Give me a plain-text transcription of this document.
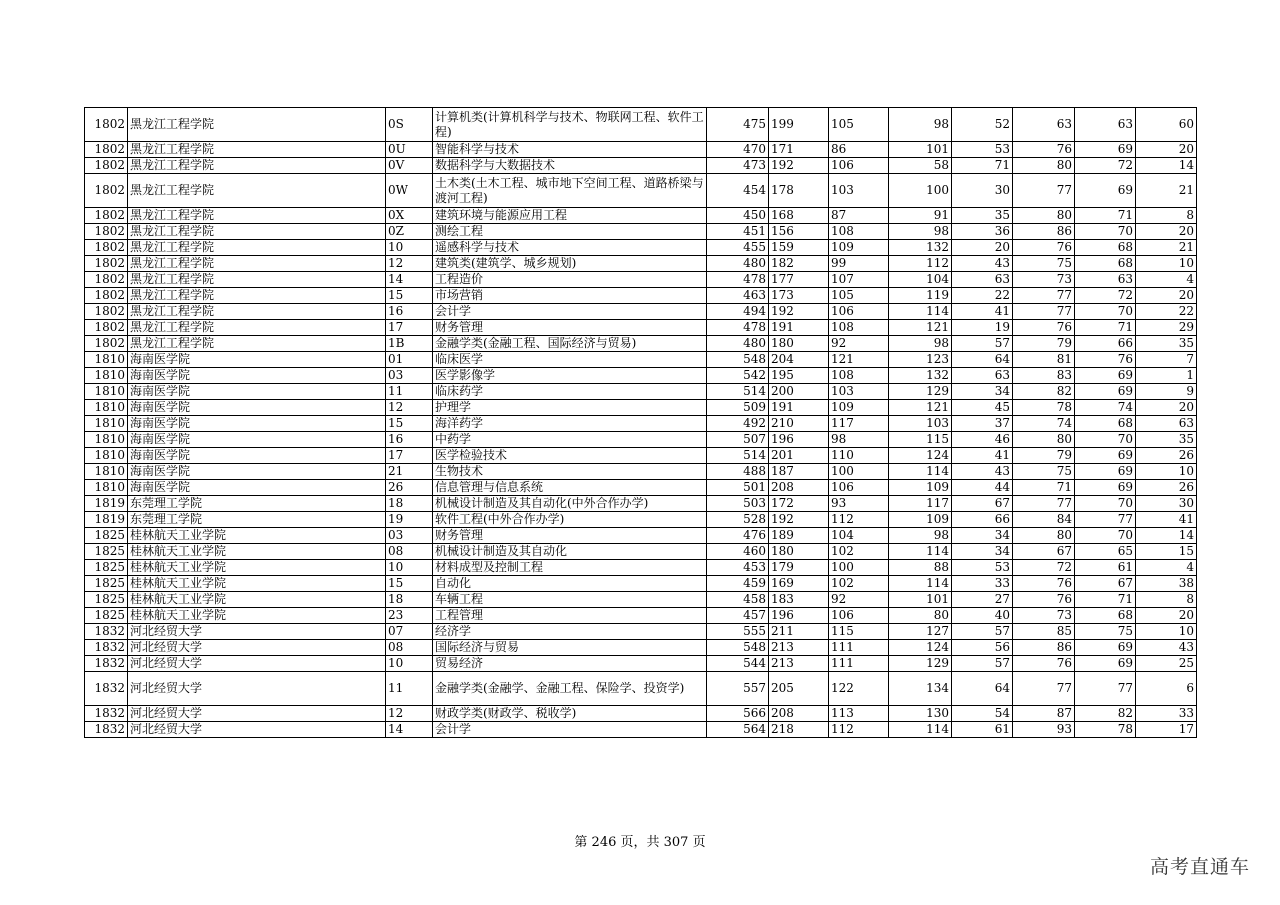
1802	黑龙江工程学院	0S	计算机类(计算机科学与技术、物联网工程、软件工程)	475	199	105	98	52	63	63	60
1802	黑龙江工程学院	0U	智能科学与技术	470	171	86	101	53	76	69	20
1802	黑龙江工程学院	0V	数据科学与大数据技术	473	192	106	58	71	80	72	14
1802	黑龙江工程学院	0W	土木类(土木工程、城市地下空间工程、道路桥梁与渡河工程)	454	178	103	100	30	77	69	21
1802	黑龙江工程学院	0X	建筑环境与能源应用工程	450	168	87	91	35	80	71	8
1802	黑龙江工程学院	0Z	测绘工程	451	156	108	98	36	86	70	20
1802	黑龙江工程学院	10	遥感科学与技术	455	159	109	132	20	76	68	21
1802	黑龙江工程学院	12	建筑类(建筑学、城乡规划)	480	182	99	112	43	75	68	10
1802	黑龙江工程学院	14	工程造价	478	177	107	104	63	73	63	4
1802	黑龙江工程学院	15	市场营销	463	173	105	119	22	77	72	20
1802	黑龙江工程学院	16	会计学	494	192	106	114	41	77	70	22
1802	黑龙江工程学院	17	财务管理	478	191	108	121	19	76	71	29
1802	黑龙江工程学院	1B	金融学类(金融工程、国际经济与贸易)	480	180	92	98	57	79	66	35
1810	海南医学院	01	临床医学	548	204	121	123	64	81	76	7
1810	海南医学院	03	医学影像学	542	195	108	132	63	83	69	1
1810	海南医学院	11	临床药学	514	200	103	129	34	82	69	9
1810	海南医学院	12	护理学	509	191	109	121	45	78	74	20
1810	海南医学院	15	海洋药学	492	210	117	103	37	74	68	63
1810	海南医学院	16	中药学	507	196	98	115	46	80	70	35
1810	海南医学院	17	医学检验技术	514	201	110	124	41	79	69	26
1810	海南医学院	21	生物技术	488	187	100	114	43	75	69	10
1810	海南医学院	26	信息管理与信息系统	501	208	106	109	44	71	69	26
1819	东莞理工学院	18	机械设计制造及其自动化(中外合作办学)	503	172	93	117	67	77	70	30
1819	东莞理工学院	19	软件工程(中外合作办学)	528	192	112	109	66	84	77	41
1825	桂林航天工业学院	03	财务管理	476	189	104	98	34	80	70	14
1825	桂林航天工业学院	08	机械设计制造及其自动化	460	180	102	114	34	67	65	15
1825	桂林航天工业学院	10	材料成型及控制工程	453	179	100	88	53	72	61	4
1825	桂林航天工业学院	15	自动化	459	169	102	114	33	76	67	38
1825	桂林航天工业学院	18	车辆工程	458	183	92	101	27	76	71	8
1825	桂林航天工业学院	23	工程管理	457	196	106	80	40	73	68	20
1832	河北经贸大学	07	经济学	555	211	115	127	57	85	75	10
1832	河北经贸大学	08	国际经济与贸易	548	213	111	124	56	86	69	43
1832	河北经贸大学	10	贸易经济	544	213	111	129	57	76	69	25
1832	河北经贸大学	11	金融学类(金融学、金融工程、保险学、投资学)	557	205	122	134	64	77	77	6
1832	河北经贸大学	12	财政学类(财政学、税收学)	566	208	113	130	54	87	82	33
1832	河北经贸大学	14	会计学	564	218	112	114	61	93	78	17
第 246 页，共 307 页
高考直通车
